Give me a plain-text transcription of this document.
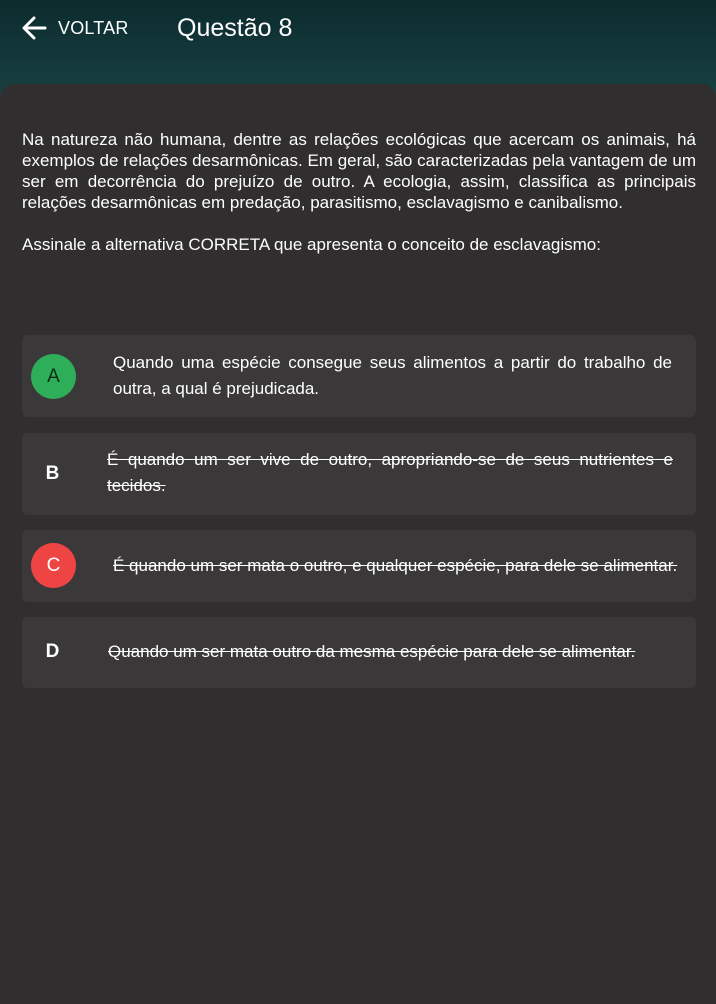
VOLTAR Questão 8

Na natureza não humana, dentre as relações ecológicas que acercam os animais, há exemplos de relações desarmônicas. Em geral, são caracterizadas pela vantagem de um ser em decorrência do prejuízo de outro. A ecologia, assim, classifica as principais relações desarmônicas em predação, parasitismo, esclavagismo e canibalismo.

Assinale a alternativa CORRETA que apresenta o conceito de esclavagismo:

A
Quando uma espécie consegue seus alimentos a partir do trabalho de outra, a qual é prejudicada.
B
É quando um ser vive de outro, apropriando-se de seus nutrientes e tecidos.
C	É quando um ser mata o outro, e qualquer espécie, para dele se alimentar.
D	Quando um ser mata outro da mesma espécie para dele se alimentar.
